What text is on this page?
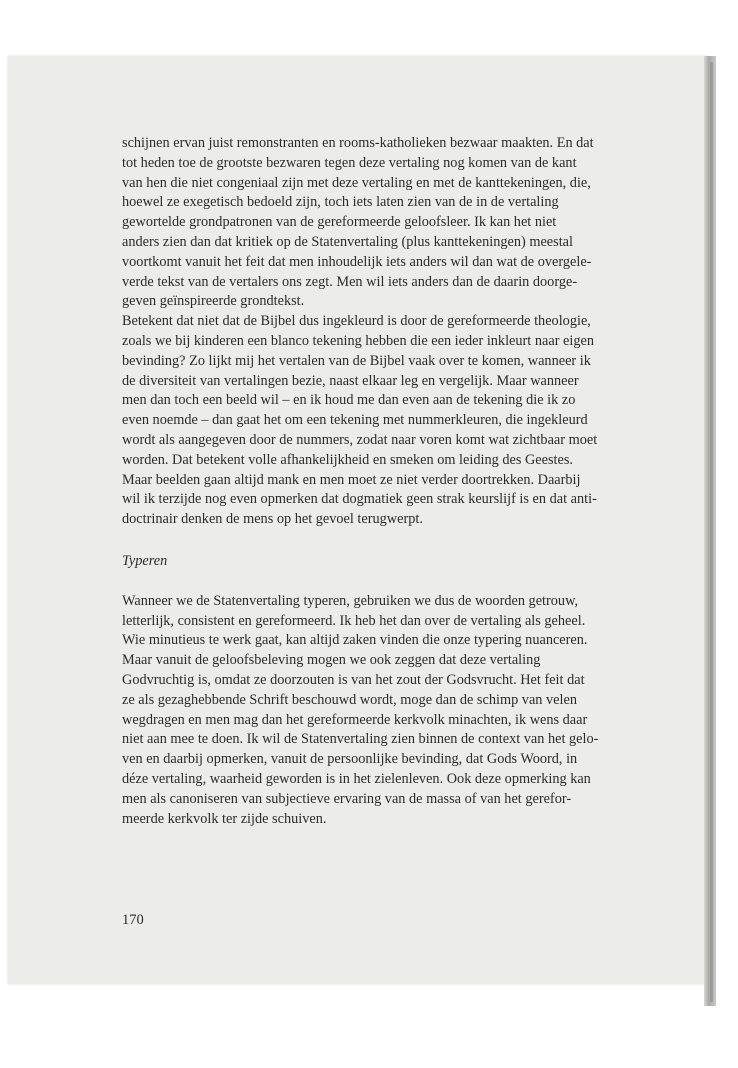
schijnen ervan juist remonstranten en rooms-katholieken bezwaar maakten. En dat
tot heden toe de grootste bezwaren tegen deze vertaling nog komen van de kant
van hen die niet congeniaal zijn met deze vertaling en met de kanttekeningen, die,
hoewel ze exegetisch bedoeld zijn, toch iets laten zien van de in de vertaling
gewortelde grondpatronen van de gereformeerde geloofsleer. Ik kan het niet
anders zien dan dat kritiek op de Statenvertaling (plus kanttekeningen) meestal
voortkomt vanuit het feit dat men inhoudelijk iets anders wil dan wat de overgele-
verde tekst van de vertalers ons zegt. Men wil iets anders dan de daarin doorge-
geven geïnspireerde grondtekst.

Betekent dat niet dat de Bijbel dus ingekleurd is door de gereformeerde theologie,
zoals we bij kinderen een blanco tekening hebben die een ieder inkleurt naar eigen
bevinding? Zo lijkt mij het vertalen van de Bijbel vaak over te komen, wanneer ik
de diversiteit van vertalingen bezie, naast elkaar leg en vergelijk. Maar wanneer
men dan toch een beeld wil – en ik houd me dan even aan de tekening die ik zo
even noemde – dan gaat het om een tekening met nummerkleuren, die ingekleurd
wordt als aangegeven door de nummers, zodat naar voren komt wat zichtbaar moet
worden. Dat betekent volle afhankelijkheid en smeken om leiding des Geestes.
Maar beelden gaan altijd mank en men moet ze niet verder doortrekken. Daarbij
wil ik terzijde nog even opmerken dat dogmatiek geen strak keurslijf is en dat anti-
doctrinair denken de mens op het gevoel terugwerpt.

Typeren

Wanneer we de Statenvertaling typeren, gebruiken we dus de woorden getrouw,
letterlijk, consistent en gereformeerd. Ik heb het dan over de vertaling als geheel.
Wie minutieus te werk gaat, kan altijd zaken vinden die onze typering nuanceren.
Maar vanuit de geloofsbeleving mogen we ook zeggen dat deze vertaling
Godvruchtig is, omdat ze doorzouten is van het zout der Godsvrucht. Het feit dat
ze als gezaghebbende Schrift beschouwd wordt, moge dan de schimp van velen
wegdragen en men mag dan het gereformeerde kerkvolk minachten, ik wens daar
niet aan mee te doen. Ik wil de Statenvertaling zien binnen de context van het gelo-
ven en daarbij opmerken, vanuit de persoonlijke bevinding, dat Gods Woord, in
déze vertaling, waarheid geworden is in het zielenleven. Ook deze opmerking kan
men als canoniseren van subjectieve ervaring van de massa of van het gerefor-
meerde kerkvolk ter zijde schuiven.

170
